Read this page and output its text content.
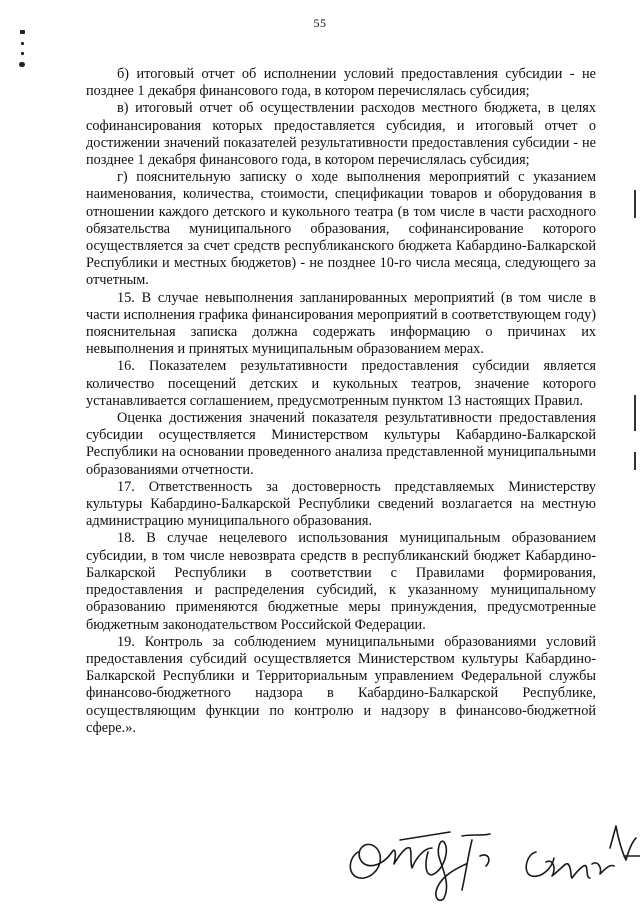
55

б) итоговый отчет об исполнении условий предоставления субсидии - не позднее 1 декабря финансового года, в котором перечислялась субсидия;

в) итоговый отчет об осуществлении расходов местного бюджета, в целях софинансирования которых предоставляется субсидия, и итоговый отчет о достижении значений показателей результативности предоставления субсидии - не позднее 1 декабря финансового года, в котором перечислялась субсидия;

г) пояснительную записку о ходе выполнения мероприятий с указанием наименования, количества, стоимости, спецификации товаров и оборудования в отношении каждого детского и кукольного театра (в том числе в части расходного обязательства муниципального образования, софинансирование которого осуществляется за счет средств республиканского бюджета Кабардино-Балкарской Республики и местных бюджетов) - не позднее 10-го числа месяца, следующего за отчетным.

15. В случае невыполнения запланированных мероприятий (в том числе в части исполнения графика финансирования мероприятий в соответствующем году) пояснительная записка должна содержать информацию о причинах их невыполнения и принятых муниципальным образованием мерах.

16. Показателем результативности предоставления субсидии является количество посещений детских и кукольных театров, значение которого устанавливается соглашением, предусмотренным пунктом 13 настоящих Правил.

Оценка достижения значений показателя результативности предоставления субсидии осуществляется Министерством культуры Кабардино-Балкарской Республики на основании проведенного анализа представленной муниципальными образованиями отчетности.

17. Ответственность за достоверность представляемых Министерству культуры Кабардино-Балкарской Республики сведений возлагается на местную администрацию муниципального образования.

18. В случае нецелевого использования муниципальным образованием субсидии, в том числе невозврата средств в республиканский бюджет Кабардино-Балкарской Республики в соответствии с Правилами формирования, предоставления и распределения субсидий, к указанному муниципальному образованию применяются бюджетные меры принуждения, предусмотренные бюджетным законодательством Российской Федерации.

19. Контроль за соблюдением муниципальными образованиями условий предоставления субсидий осуществляется Министерством культуры Кабардино-Балкарской Республики и Территориальным управлением Федеральной службы финансово-бюджетного надзора в Кабардино-Балкарской Республике, осуществляющим функции по контролю и надзору в финансово-бюджетной сфере.».
